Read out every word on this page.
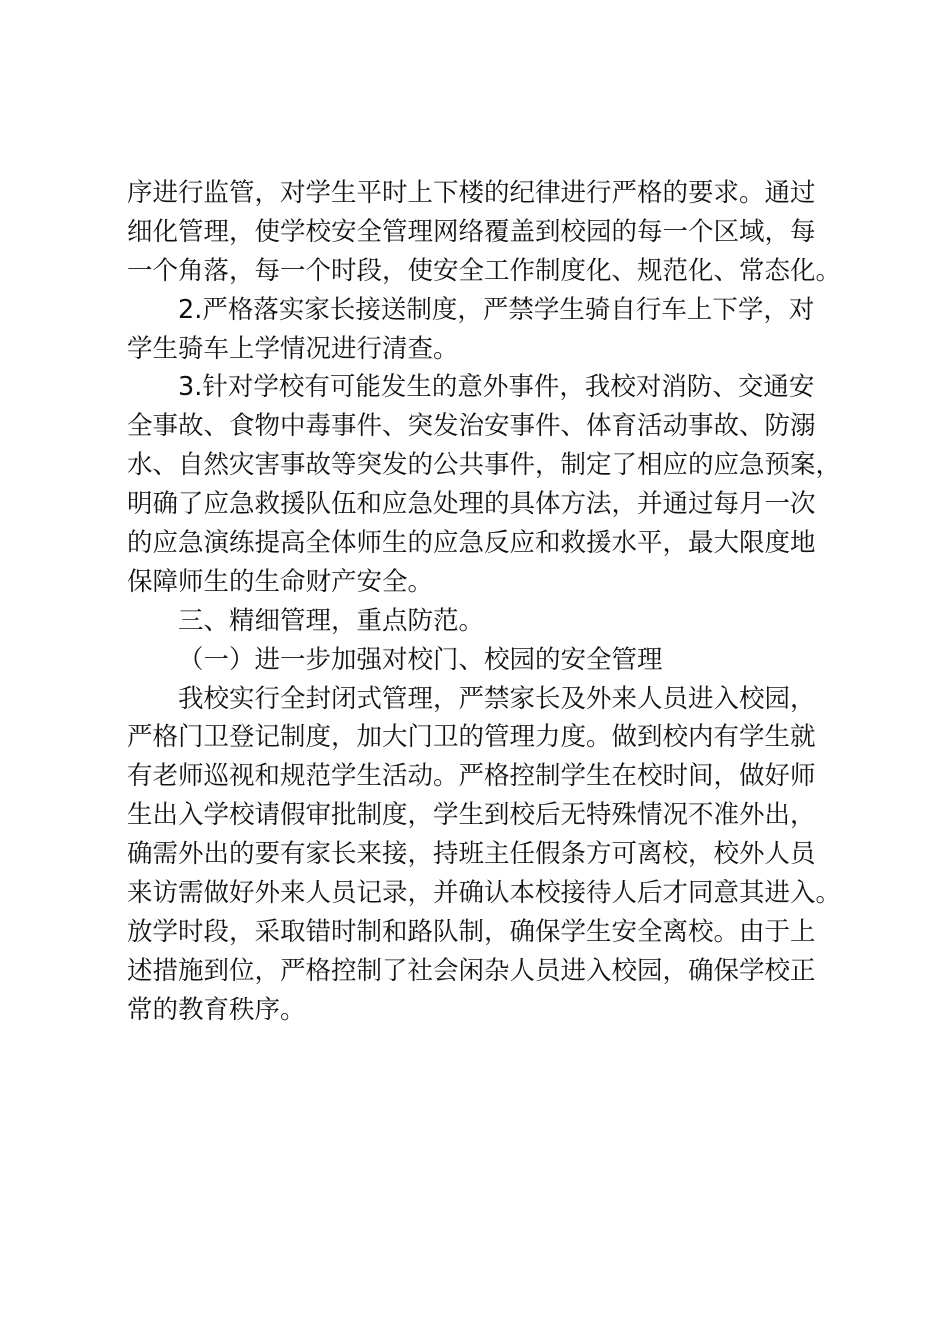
序进行监管，对学生平时上下楼的纪律进行严格的要求。通过

细化管理，使学校安全管理网络覆盖到校园的每一个区域，每

一个角落，每一个时段，使安全工作制度化、规范化、常态化。

2.严格落实家长接送制度，严禁学生骑自行车上下学，对

学生骑车上学情况进行清查。

3.针对学校有可能发生的意外事件，我校对消防、交通安

全事故、食物中毒事件、突发治安事件、体育活动事故、防溺

水、自然灾害事故等突发的公共事件，制定了相应的应急预案，

明确了应急救援队伍和应急处理的具体方法，并通过每月一次

的应急演练提高全体师生的应急反应和救援水平，最大限度地

保障师生的生命财产安全。

三、精细管理，重点防范。

（一）进一步加强对校门、校园的安全管理

我校实行全封闭式管理，严禁家长及外来人员进入校园，

严格门卫登记制度，加大门卫的管理力度。做到校内有学生就

有老师巡视和规范学生活动。严格控制学生在校时间，做好师

生出入学校请假审批制度，学生到校后无特殊情况不准外出，

确需外出的要有家长来接，持班主任假条方可离校，校外人员

来访需做好外来人员记录，并确认本校接待人后才同意其进入。

放学时段，采取错时制和路队制，确保学生安全离校。由于上

述措施到位，严格控制了社会闲杂人员进入校园，确保学校正

常的教育秩序。
